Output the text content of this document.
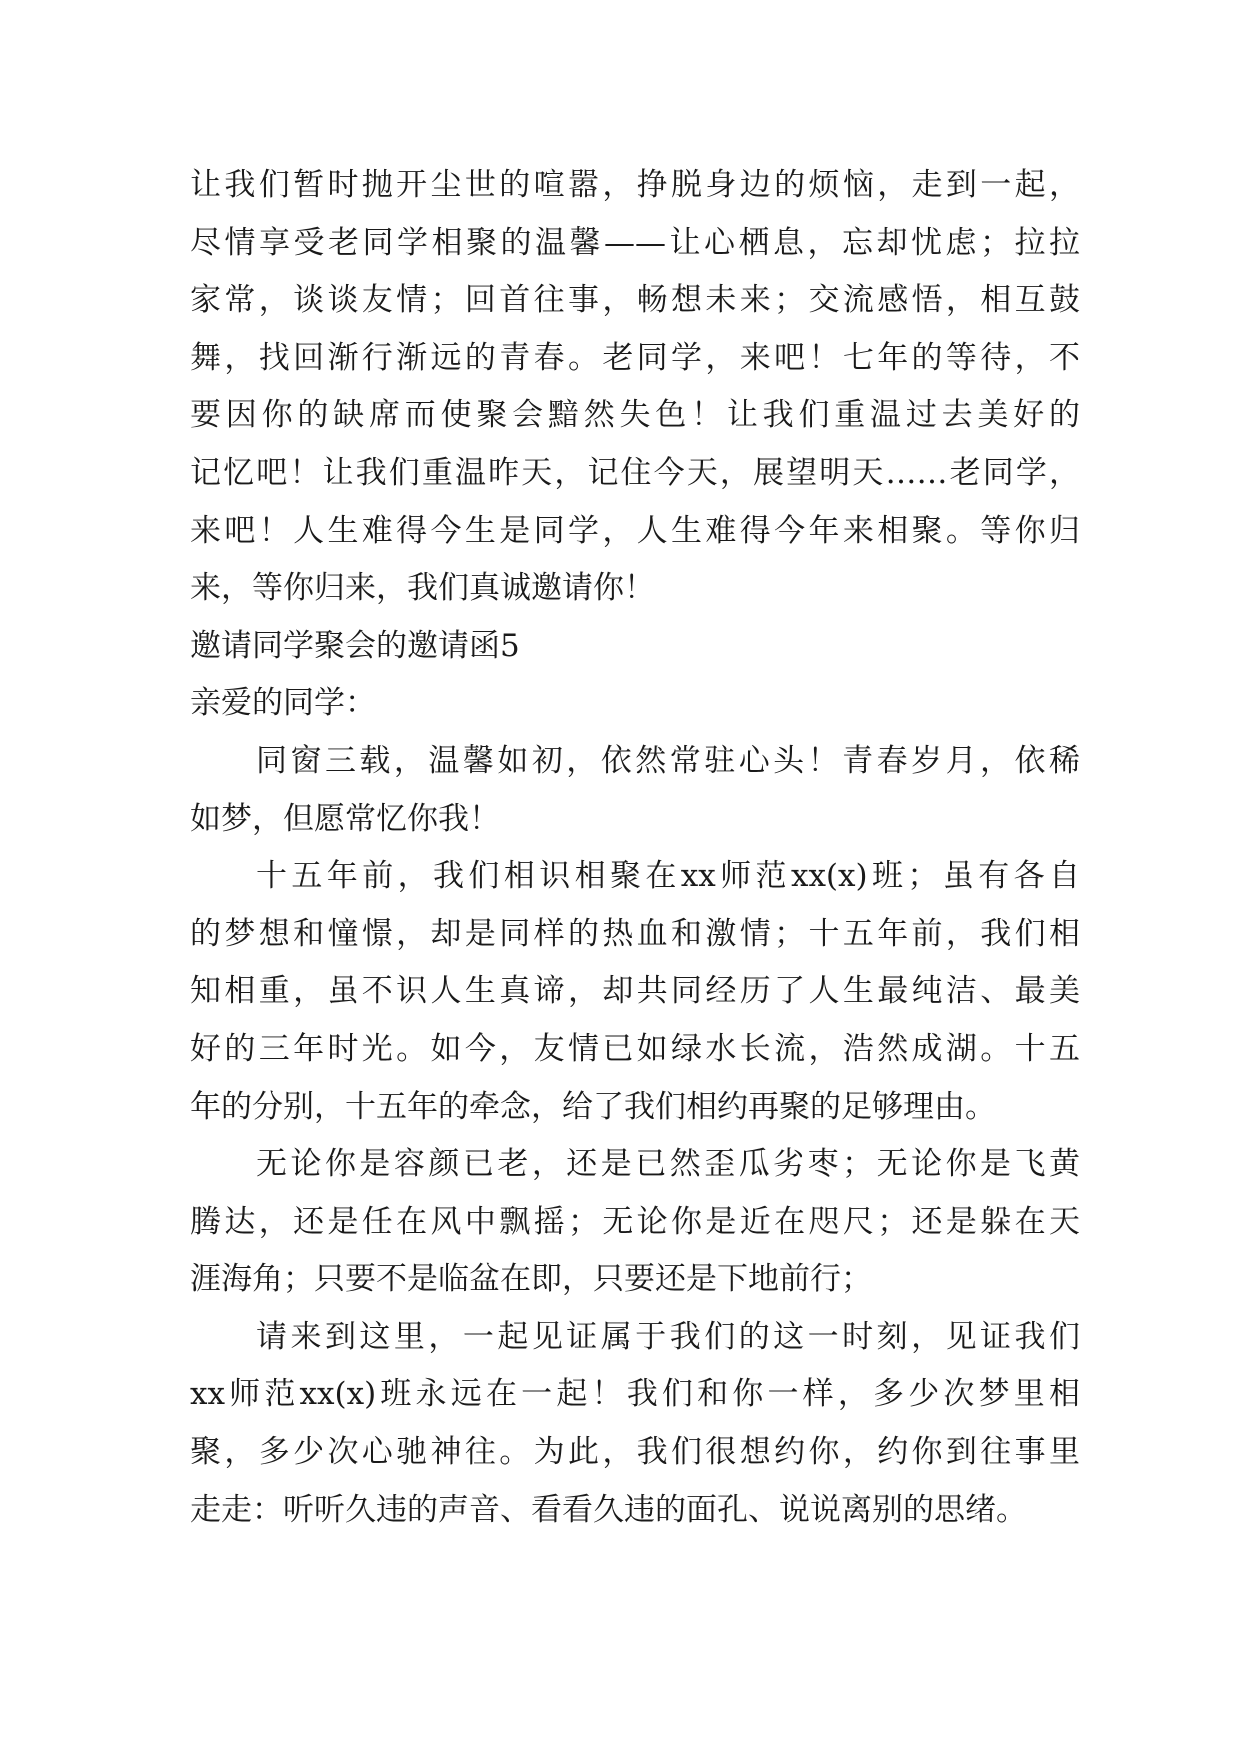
让我们暂时抛开尘世的喧嚣，挣脱身边的烦恼，走到一起，
尽情享受老同学相聚的温馨——让心栖息，忘却忧虑；拉拉
家常，谈谈友情；回首往事，畅想未来；交流感悟，相互鼓
舞，找回渐行渐远的青春。老同学，来吧！七年的等待，不
要因你的缺席而使聚会黯然失色！让我们重温过去美好的
记忆吧！让我们重温昨天，记住今天，展望明天……老同学，
来吧！人生难得今生是同学，人生难得今年来相聚。等你归
来，等你归来，我们真诚邀请你！
邀请同学聚会的邀请函5
亲爱的同学：
同窗三载，温馨如初，依然常驻心头！青春岁月，依稀
如梦，但愿常忆你我！
十五年前，我们相识相聚在xx师范xx(x)班；虽有各自
的梦想和憧憬，却是同样的热血和激情；十五年前，我们相
知相重，虽不识人生真谛，却共同经历了人生最纯洁、最美
好的三年时光。如今，友情已如绿水长流，浩然成湖。十五
年的分别，十五年的牵念，给了我们相约再聚的足够理由。
无论你是容颜已老，还是已然歪瓜劣枣；无论你是飞黄
腾达，还是任在风中飘摇；无论你是近在咫尺；还是躲在天
涯海角；只要不是临盆在即，只要还是下地前行；
请来到这里，一起见证属于我们的这一时刻，见证我们
xx师范xx(x)班永远在一起！我们和你一样，多少次梦里相
聚，多少次心驰神往。为此，我们很想约你，约你到往事里
走走：听听久违的声音、看看久违的面孔、说说离别的思绪。
